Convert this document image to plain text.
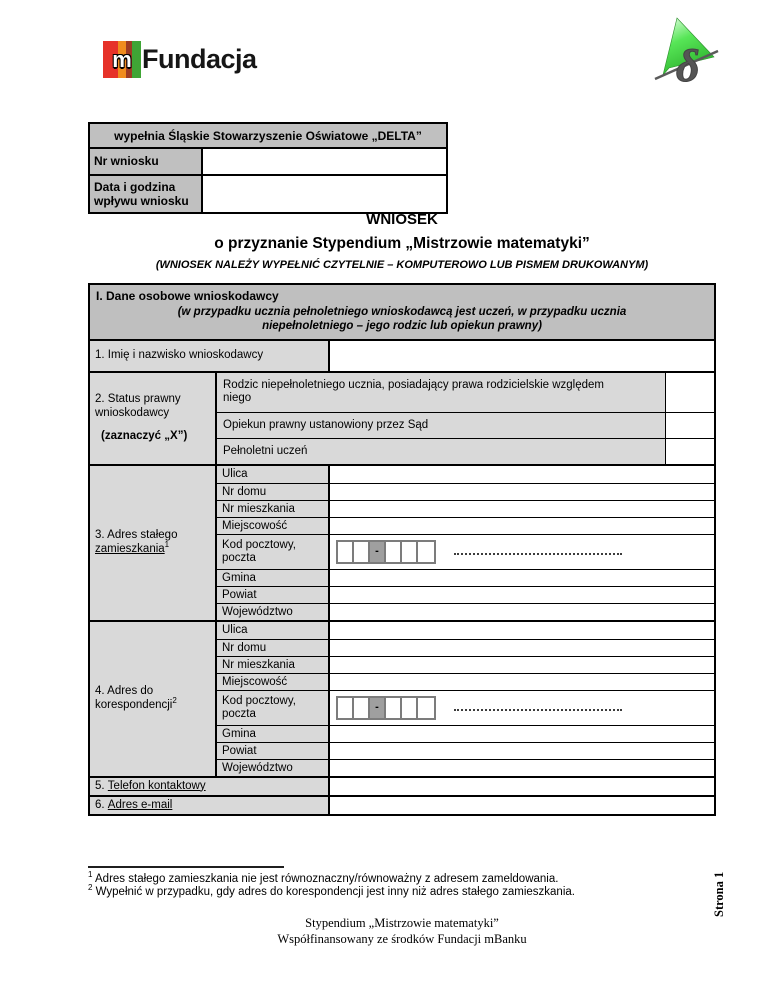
m Fundacja	δ
wypełnia Śląskie Stowarzyszenie Oświatowe „DELTA”
Nr wniosku
Data i godzina wpływu wniosku
WNIOSEK
o przyznanie Stypendium „Mistrzowie matematyki”
(WNIOSEK NALEŻY WYPEŁNIĆ CZYTELNIE – KOMPUTEROWO LUB PISMEM DRUKOWANYM)
I. Dane osobowe wnioskodawcy
(w przypadku ucznia pełnoletniego wnioskodawcą jest uczeń, w przypadku ucznia niepełnoletniego – jego rodzic lub opiekun prawny)
1. Imię i nazwisko wnioskodawcy
2. Status prawny wnioskodawcy
(zaznaczyć „X”)
Rodzic niepełnoletniego ucznia, posiadający prawa rodzicielskie względem niego
Opiekun prawny ustanowiony przez Sąd
Pełnoletni uczeń
3. Adres stałego
zamieszkania$^1$
Ulica
Nr domu
Nr mieszkania
Miejscowość
Kod pocztowy, poczta
-
Gmina
Powiat
Województwo
4. Adres do
korespondencji$^2$
Ulica
Nr domu
Nr mieszkania
Miejscowość
Kod pocztowy, poczta
-
Gmina
Powiat
Województwo
5.
Telefon kontaktowy
6.
Adres e-mail
$^1$ Adres stałego zamieszkania nie jest równoznaczny/równoważny z adresem zameldowania.
$^2$ Wypełnić w przypadku, gdy adres do korespondencji jest inny niż adres stałego zamieszkania.
Stypendium „Mistrzowie matematyki”
Współfinansowany ze środków Fundacji mBanku
Strona 1
